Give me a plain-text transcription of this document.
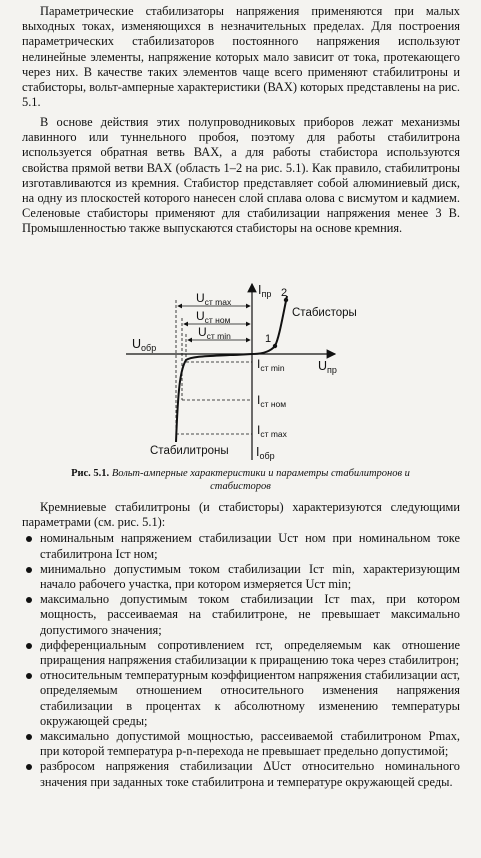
Параметрические стабилизаторы напряжения применяются при малых выходных токах, изменяющихся в незначительных пределах. Для построения параметрических стабилизаторов постоянного напряжения используют нелинейные элементы, напряжение которых мало зависит от тока, протекающего через них. В качестве таких элементов чаще всего применяют стабилитроны и стабисторы, вольт-амперные характеристики (ВАХ) которых представлены на рис. 5.1.

В основе действия этих полупроводниковых приборов лежат механизмы лавинного или туннельного пробоя, поэтому для работы стабилитрона используется обратная ветвь ВАХ, а для работы стабистора используются свойства прямой ветви ВАХ (область 1–2 на рис. 5.1). Как правило, стабилитроны изготавливаются из кремния. Стабистор представляет собой алюминиевый диск, на одну из плоскостей которого нанесен слой сплава олова с висмутом и кадмием. Селеновые стабисторы применяют для стабилизации напряжения менее 3 В. Промышленностью также выпускаются стабисторы на основе кремния.

$I_{пр}$
$U_{пр}$
$U_{обр}$
$I_{обр}$
$U_{ст max}$
$U_{ст ном}$
$U_{ст min}$
$I_{ст min}$
$I_{ст ном}$
$I_{ст max}$
1
2
Стабисторы
Стабилитроны
Рис. 5.1. Вольт-амперные характеристики и параметры стабилитронов и стабисторов

Кремниевые стабилитроны (и стабисторы) характеризуются следующими параметрами (см. рис. 5.1):

номинальным напряжением стабилизации Uст ном при номинальном токе стабилитрона Iст ном;
минимально допустимым током стабилизации Iст min, характеризующим начало рабочего участка, при котором измеряется Uст min;
максимально допустимым током стабилизации Iст max, при котором мощность, рассеиваемая на стабилитроне, не превышает максимально допустимого значения;
дифференциальным сопротивлением rст, определяемым как отношение приращения напряжения стабилизации к приращению тока через стабилитрон;
относительным температурным коэффициентом напряжения стабилизации αст, определяемым отношением относительного изменения напряжения стабилизации в процентах к абсолютному изменению температуры окружающей среды;
максимально допустимой мощностью, рассеиваемой стабилитроном Pmax, при которой температура p-n-перехода не превышает предельно допустимой;
разбросом напряжения стабилизации ΔUст относительно номинального значения при заданных токе стабилитрона и температуре окружающей среды.
